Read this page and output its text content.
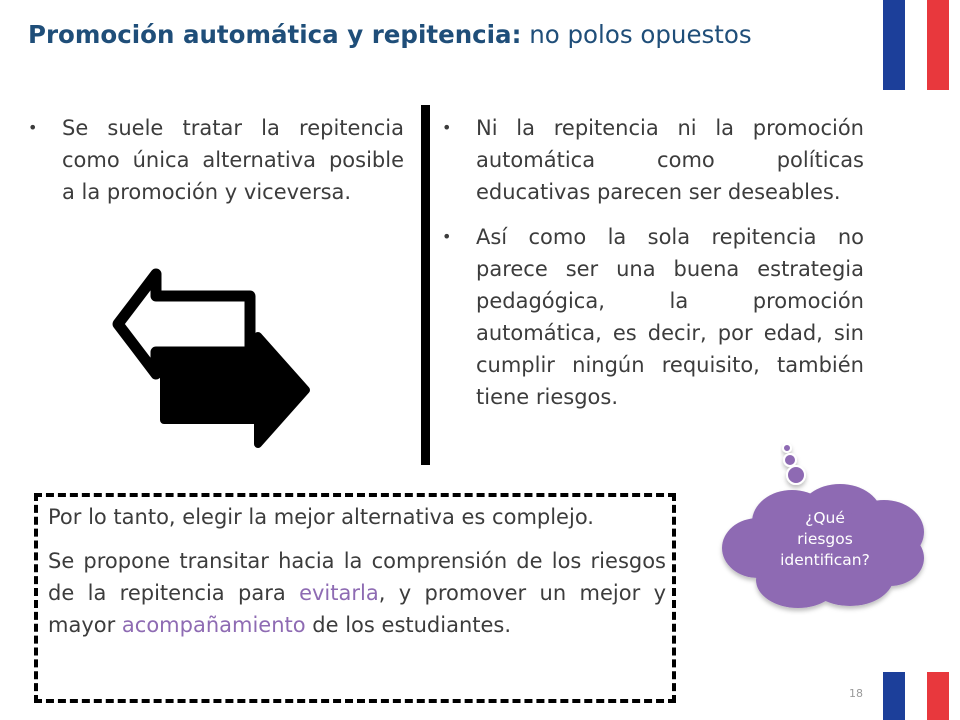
Promoción automática y repitencia: no polos opuestos
• Se suele tratar la repitencia como única alternativa posible a la promoción y viceversa.
• Ni la repitencia ni la promoción automática como políticas educativas parecen ser deseables.
• Así como la sola repitencia no parece ser una buena estrategia pedagógica, la promoción automática, es decir, por edad, sin cumplir ningún requisito, también tiene riesgos.

Por lo tanto, elegir la mejor alternativa es complejo.

Se propone transitar hacia la comprensión de los riesgos de la repitencia para evitarla, y promover un mejor y mayor acompañamiento de los estudiantes.

¿Qué
riesgos
identifican?
18
